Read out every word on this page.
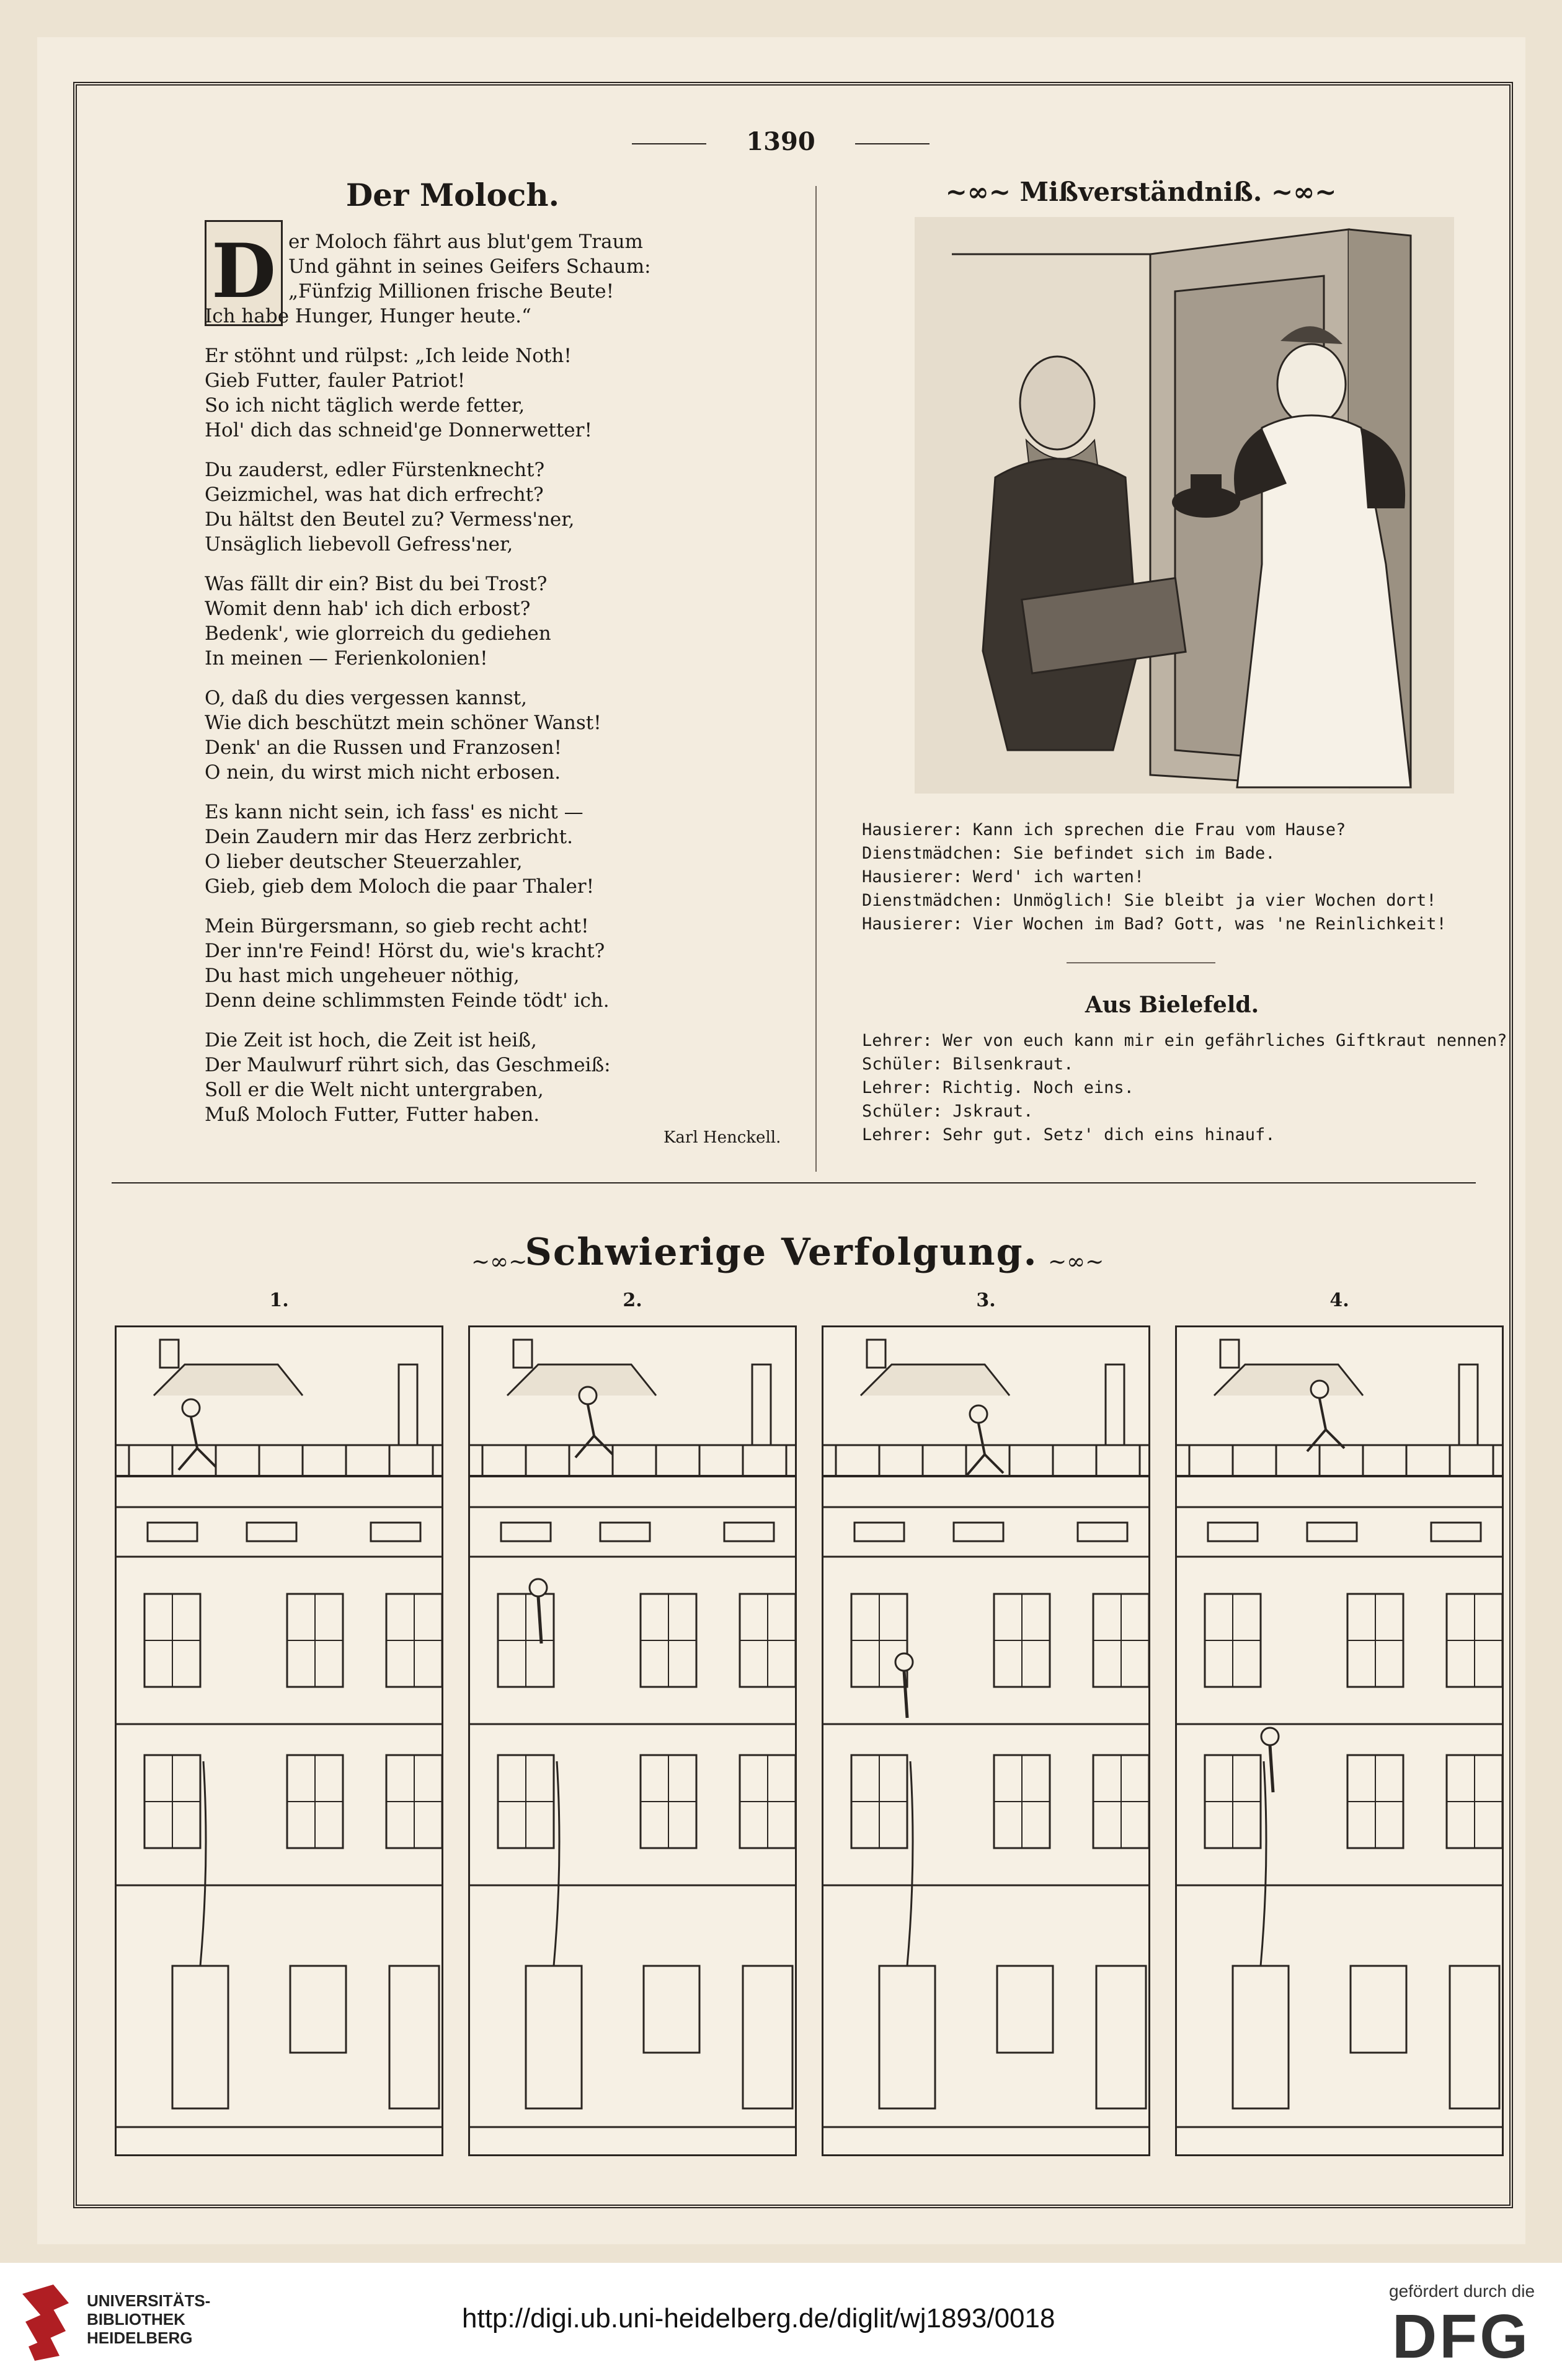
1390
Der Moloch.
D er Moloch fährt aus blut'gem Traum
Und gähnt in seines Geifers Schaum:
„Fünfzig Millionen frische Beute!
Ich habe Hunger, Hunger heute.“
Er stöhnt und rülpst: „Ich leide Noth!
Gieb Futter, fauler Patriot!
So ich nicht täglich werde fetter,
Hol' dich das schneid'ge Donnerwetter!
Du zauderst, edler Fürstenknecht?
Geizmichel, was hat dich erfrecht?
Du hältst den Beutel zu? Vermess'ner,
Unsäglich liebevoll Gefress'ner,
Was fällt dir ein? Bist du bei Trost?
Womit denn hab' ich dich erbost?
Bedenk', wie glorreich du gediehen
In meinen — Ferienkolonien!
O, daß du dies vergessen kannst,
Wie dich beschützt mein schöner Wanst!
Denk' an die Russen und Franzosen!
O nein, du wirst mich nicht erbosen.
Es kann nicht sein, ich fass' es nicht —
Dein Zaudern mir das Herz zerbricht.
O lieber deutscher Steuerzahler,
Gieb, gieb dem Moloch die paar Thaler!
Mein Bürgersmann, so gieb recht acht!
Der inn're Feind! Hörst du, wie's kracht?
Du hast mich ungeheuer nöthig,
Denn deine schlimmsten Feinde tödt' ich.
Die Zeit ist hoch, die Zeit ist heiß,
Der Maulwurf rührt sich, das Geschmeiß:
Soll er die Welt nicht untergraben,
Muß Moloch Futter, Futter haben.
Karl Henckell.
~∞~ Mißverständniß. ~∞~
Hausierer: Kann ich sprechen die Frau vom Hause?
Dienstmädchen: Sie befindet sich im Bade.
Hausierer: Werd' ich warten!
Dienstmädchen: Unmöglich! Sie bleibt ja vier Wochen dort!
Hausierer: Vier Wochen im Bad? Gott, was 'ne Reinlichkeit!
Aus Bielefeld.
Lehrer: Wer von euch kann mir ein gefährliches Giftkraut nennen?
Schüler: Bilsenkraut.
Lehrer: Richtig. Noch eins.
Schüler: Jskraut.
Lehrer: Sehr gut. Setz' dich eins hinauf.
~∞~
Schwierige Verfolgung. ~∞~
1.	2.	3.	4.
UNIVERSITÄTS-
BIBLIOTHEK
HEIDELBERG
http://digi.ub.uni-heidelberg.de/diglit/wj1893/0018
gefördert durch die
DFG
